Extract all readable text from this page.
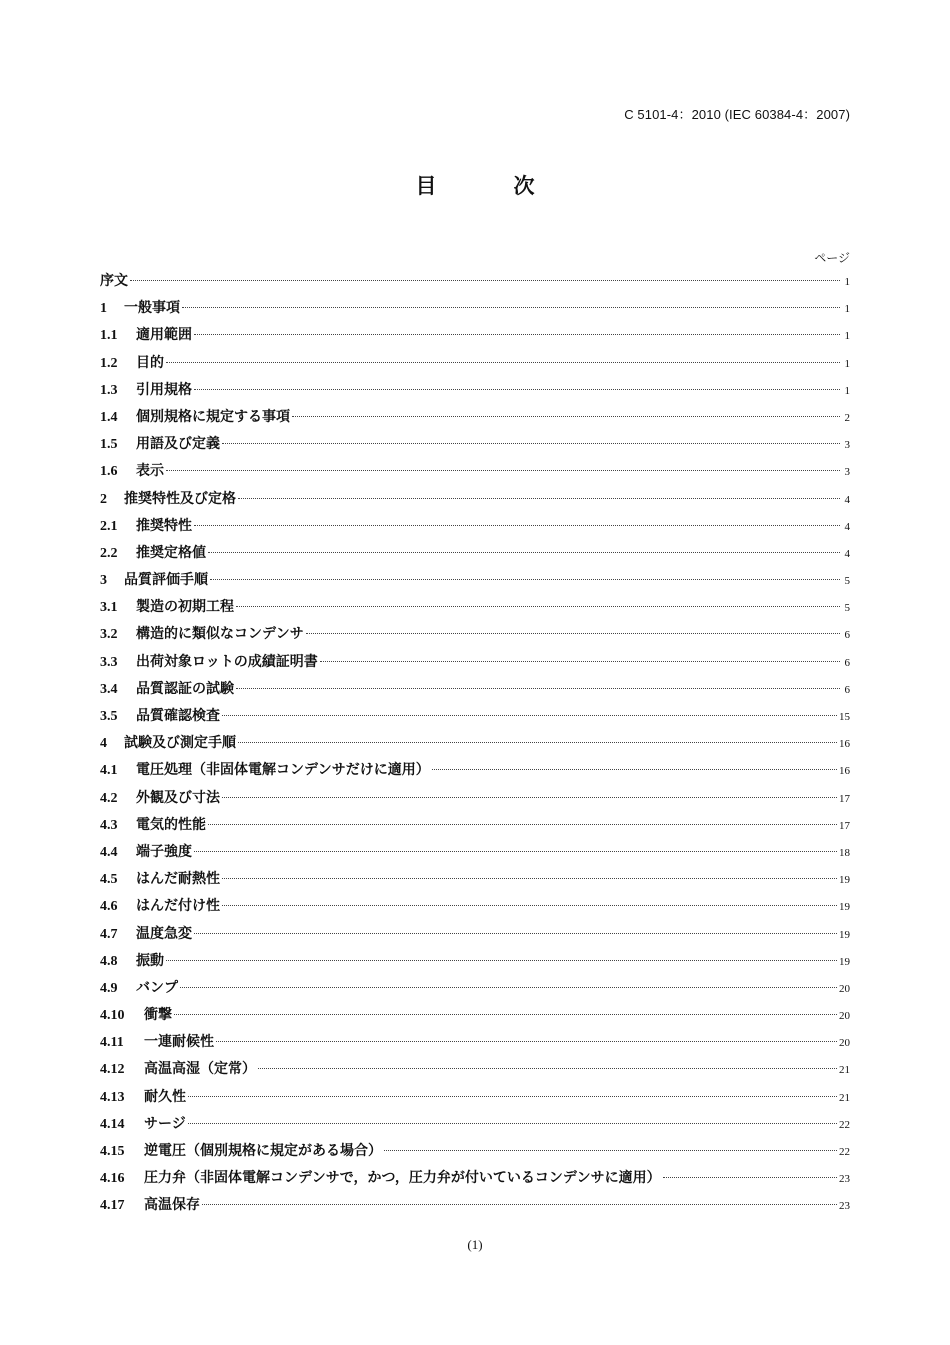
C 5101-4：2010 (IEC 60384-4：2007)
目　次
ページ
序文	1
1	一般事項	1
1.1	適用範囲	1
1.2	目的	1
1.3	引用規格	1
1.4	個別規格に規定する事項	2
1.5	用語及び定義	3
1.6	表示	3
2	推奨特性及び定格	4
2.1	推奨特性	4
2.2	推奨定格値	4
3	品質評価手順	5
3.1	製造の初期工程	5
3.2	構造的に類似なコンデンサ	6
3.3	出荷対象ロットの成績証明書	6
3.4	品質認証の試験	6
3.5	品質確認検査	15
4	試験及び測定手順	16
4.1	電圧処理（非固体電解コンデンサだけに適用）	16
4.2	外観及び寸法	17
4.3	電気的性能	17
4.4	端子強度	18
4.5	はんだ耐熱性	19
4.6	はんだ付け性	19
4.7	温度急変	19
4.8	振動	19
4.9	バンプ	20
4.10	衝撃	20
4.11	一連耐候性	20
4.12	高温高湿（定常）	21
4.13	耐久性	21
4.14	サージ	22
4.15	逆電圧（個別規格に規定がある場合）	22
4.16	圧力弁（非固体電解コンデンサで，かつ，圧力弁が付いているコンデンサに適用）	23
4.17	高温保存	23
(1)
